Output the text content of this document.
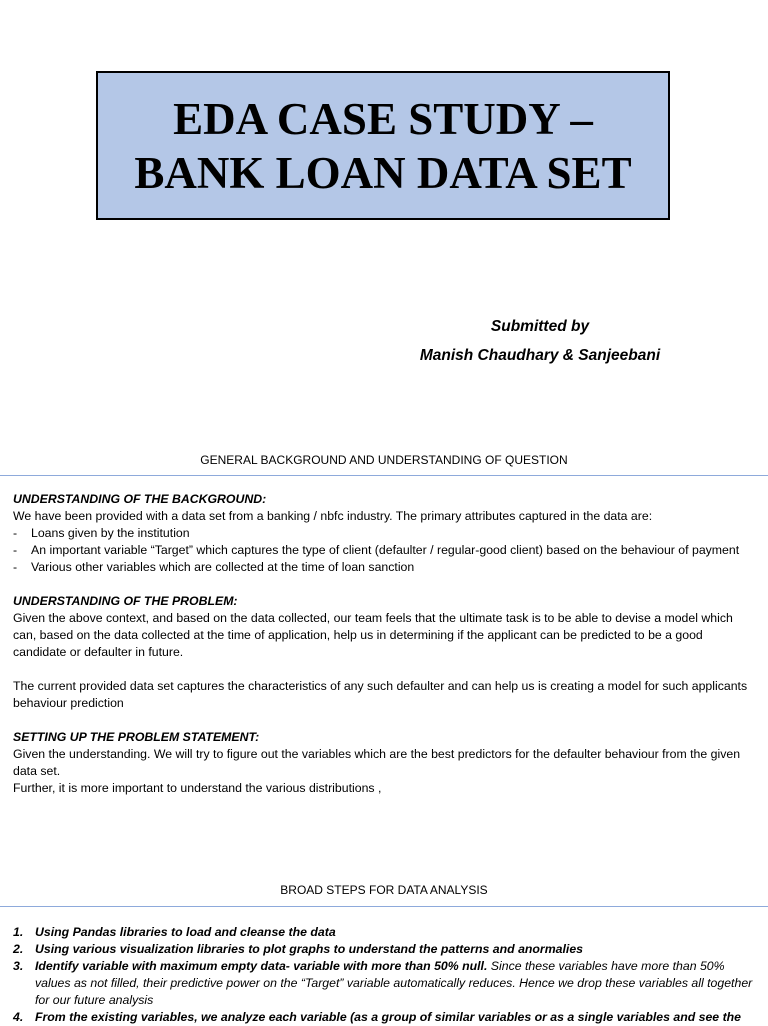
EDA CASE STUDY –
BANK LOAN DATA SET
Submitted by
Manish Chaudhary & Sanjeebani
GENERAL BACKGROUND AND UNDERSTANDING OF QUESTION
UNDERSTANDING OF THE BACKGROUND:

We have been provided with a data set from a banking / nbfc industry. The primary attributes captured in the data are:

- Loans given by the institution
- An important variable “Target” which captures the type of client (defaulter / regular-good client) based on the behaviour of payment
- Various other variables which are collected at the time of loan sanction
UNDERSTANDING OF THE PROBLEM:

Given the above context, and based on the data collected, our team feels that the ultimate task is to be able to devise a model which can, based on the data collected at the time of application, help us in determining if the applicant can be predicted to be a good candidate or defaulter in future.

The current provided data set captures the characteristics of any such defaulter and can help us is creating a model for such applicants behaviour prediction

SETTING UP THE PROBLEM STATEMENT:

Given the understanding. We will try to figure out the variables which are the best predictors for the defaulter behaviour from the given data set.

Further, it is more important to understand the various distributions ,

BROAD STEPS FOR DATA ANALYSIS
1. Using Pandas libraries to load and cleanse the data
2. Using various visualization libraries to plot graphs to understand the patterns and anormalies
3. Identify variable with maximum empty data- variable with more than 50% null. Since these variables have more than 50% values as not filled, their predictive power on the “Target” variable automatically reduces. Hence we drop these variables all together for our future analysis
4. From the existing variables, we analyze each variable (as a group of similar variables or as a single variables and see the
